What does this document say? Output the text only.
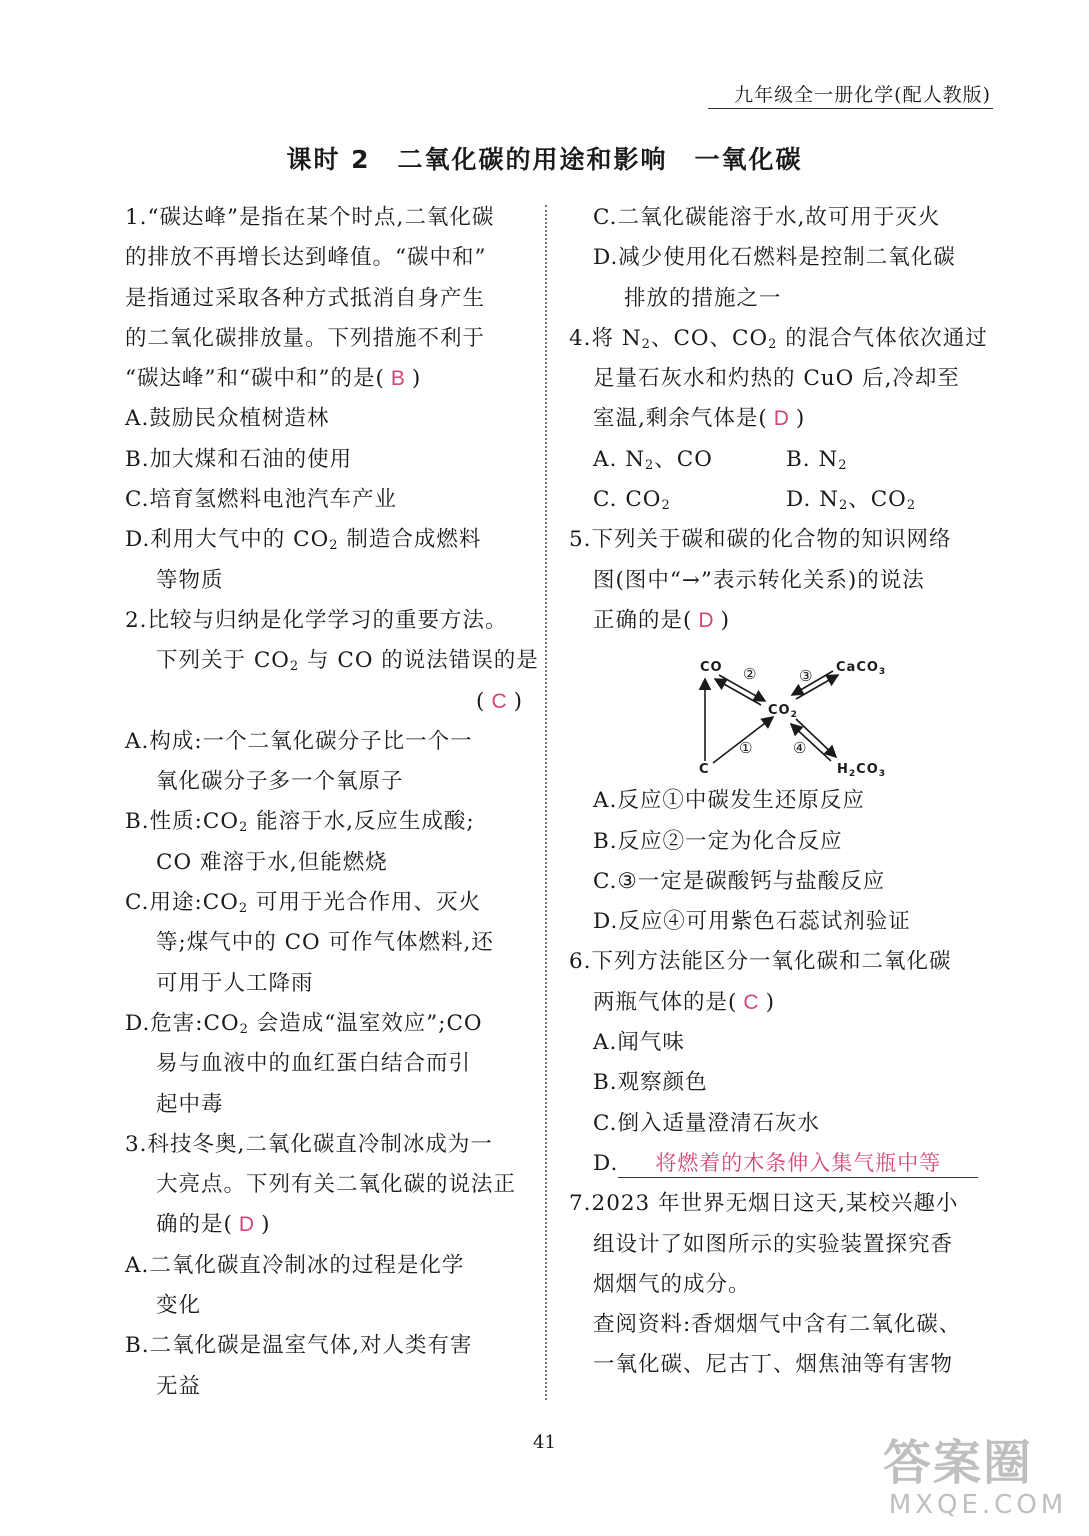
九年级全一册化学(配人教版)
课时 2　二氧化碳的用途和影响　一氧化碳
1.“碳达峰”是指在某个时点,二氧化碳
的排放不再增长达到峰值。“碳中和”
是指通过采取各种方式抵消自身产生
的二氧化碳排放量。下列措施不利于
“碳达峰”和“碳中和”的是( B )
A.鼓励民众植树造林
B.加大煤和石油的使用
C.培育氢燃料电池汽车产业
D.利用大气中的 $CO_2$ 制造合成燃料
等物质
2.比较与归纳是化学学习的重要方法。
下列关于 $CO_2$ 与 CO 的说法错误的是
( C )
A.构成:一个二氧化碳分子比一个一
氧化碳分子多一个氧原子
B.性质$:CO_2$ 能溶于水,反应生成酸;
CO 难溶于水,但能燃烧
C.用途$:CO_2$ 可用于光合作用、灭火
等;煤气中的 CO 可作气体燃料,还
可用于人工降雨
D.危害$:CO_2$ 会造成“温室效应”;CO
易与血液中的血红蛋白结合而引
起中毒
3.科技冬奥,二氧化碳直冷制冰成为一
大亮点。下列有关二氧化碳的说法正
确的是( D )
A.二氧化碳直冷制冰的过程是化学
变化
B.二氧化碳是温室气体,对人类有害
无益
C.二氧化碳能溶于水,故可用于灭火
D.减少使用化石燃料是控制二氧化碳
排放的措施之一
4.将 $N_2$、CO、$CO_2$ 的混合气体依次通过
足量石灰水和灼热的 CuO 后,冷却至
室温,剩余气体是( D )
A. $N_2$、CO	B. $N_2$
C. $CO_2$	D. $N_2$、$CO_2$
5.下列关于碳和碳的化合物的知识网络
图(图中“→”表示转化关系)的说法
正确的是( D )
CO
$CO_2$
CaCO$_3$
C	$H_2CO_3$
①
②	③
④
A.反应①中碳发生还原反应
B.反应②一定为化合反应
C.③一定是碳酸钙与盐酸反应
D.反应④可用紫色石蕊试剂验证
6.下列方法能区分一氧化碳和二氧化碳
两瓶气体的是( C )
A.闻气味
B.观察颜色
C.倒入适量澄清石灰水
D. 将燃着的木条伸入集气瓶中等
7.2023 年世界无烟日这天,某校兴趣小
组设计了如图所示的实验装置探究香
烟烟气的成分。
查阅资料:香烟烟气中含有二氧化碳、
一氧化碳、尼古丁、烟焦油等有害物
41	答案圈
MXQE.COM
